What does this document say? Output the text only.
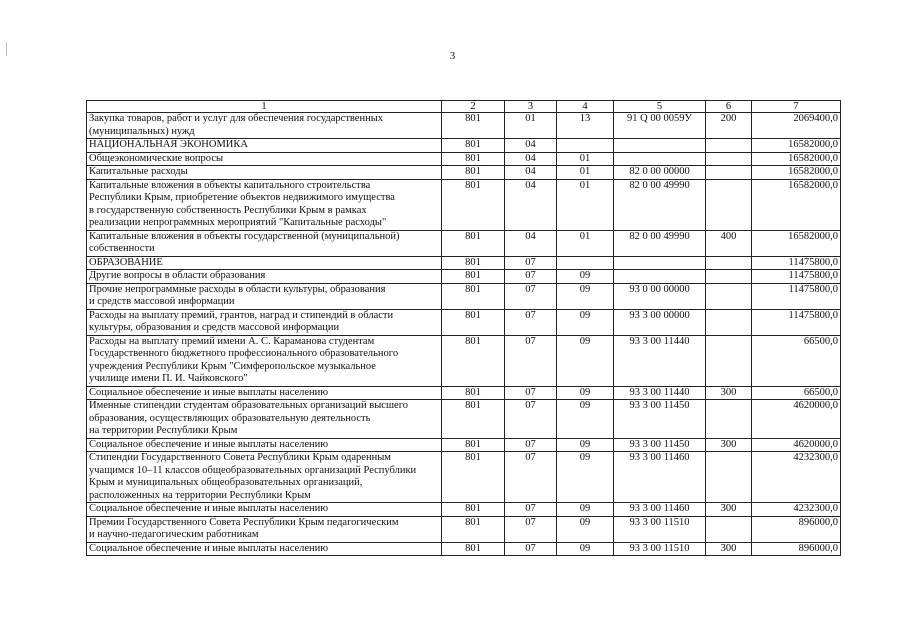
3
1	2	3	4	5	6	7
Закупка товаров, работ и услуг для обеспечения государственных
(муниципальных) нужд	801	01	13	91 Q 00 0059У	200	2069400,0
НАЦИОНАЛЬНАЯ ЭКОНОМИКА	801	04				16582000,0
Общеэкономические вопросы	801	04	01			16582000,0
Капитальные расходы	801	04	01	82 0 00 00000		16582000,0
Капитальные вложения в объекты капитального строительства
Республики Крым, приобретение объектов недвижимого имущества
в государственную собственность Республики Крым в рамках
реализации непрограммных мероприятий "Капитальные расходы"	801	04	01	82 0 00 49990		16582000,0
Капитальные вложения в объекты государственной (муниципальной)
собственности	801	04	01	82 0 00 49990	400	16582000,0
ОБРАЗОВАНИЕ	801	07				11475800,0
Другие вопросы в области образования	801	07	09			11475800,0
Прочие непрограммные расходы в области культуры, образования
и средств массовой информации	801	07	09	93 0 00 00000		11475800,0
Расходы на выплату премий, грантов, наград и стипендий в области
культуры, образования и средств массовой информации	801	07	09	93 3 00 00000		11475800,0
Расходы на выплату премий имени А. С. Караманова студентам
Государственного бюджетного профессионального образовательного
учреждения Республики Крым "Симферопольское музыкальное
училище имени П. И. Чайковского"	801	07	09	93 3 00 11440		66500,0
Социальное обеспечение и иные выплаты населению	801	07	09	93 3 00 11440	300	66500,0
Именные стипендии студентам образовательных организаций высшего
образования, осуществляющих образовательную деятельность
на территории Республики Крым	801	07	09	93 3 00 11450		4620000,0
Социальное обеспечение и иные выплаты населению	801	07	09	93 3 00 11450	300	4620000,0
Стипендии Государственного Совета Республики Крым одаренным
учащимся 10–11 классов общеобразовательных организаций Республики
Крым и муниципальных общеобразовательных организаций,
расположенных на территории Республики Крым	801	07	09	93 3 00 11460		4232300,0
Социальное обеспечение и иные выплаты населению	801	07	09	93 3 00 11460	300	4232300,0
Премии Государственного Совета Республики Крым педагогическим
и научно-педагогическим работникам	801	07	09	93 3 00 11510		896000,0
Социальное обеспечение и иные выплаты населению	801	07	09	93 3 00 11510	300	896000,0
